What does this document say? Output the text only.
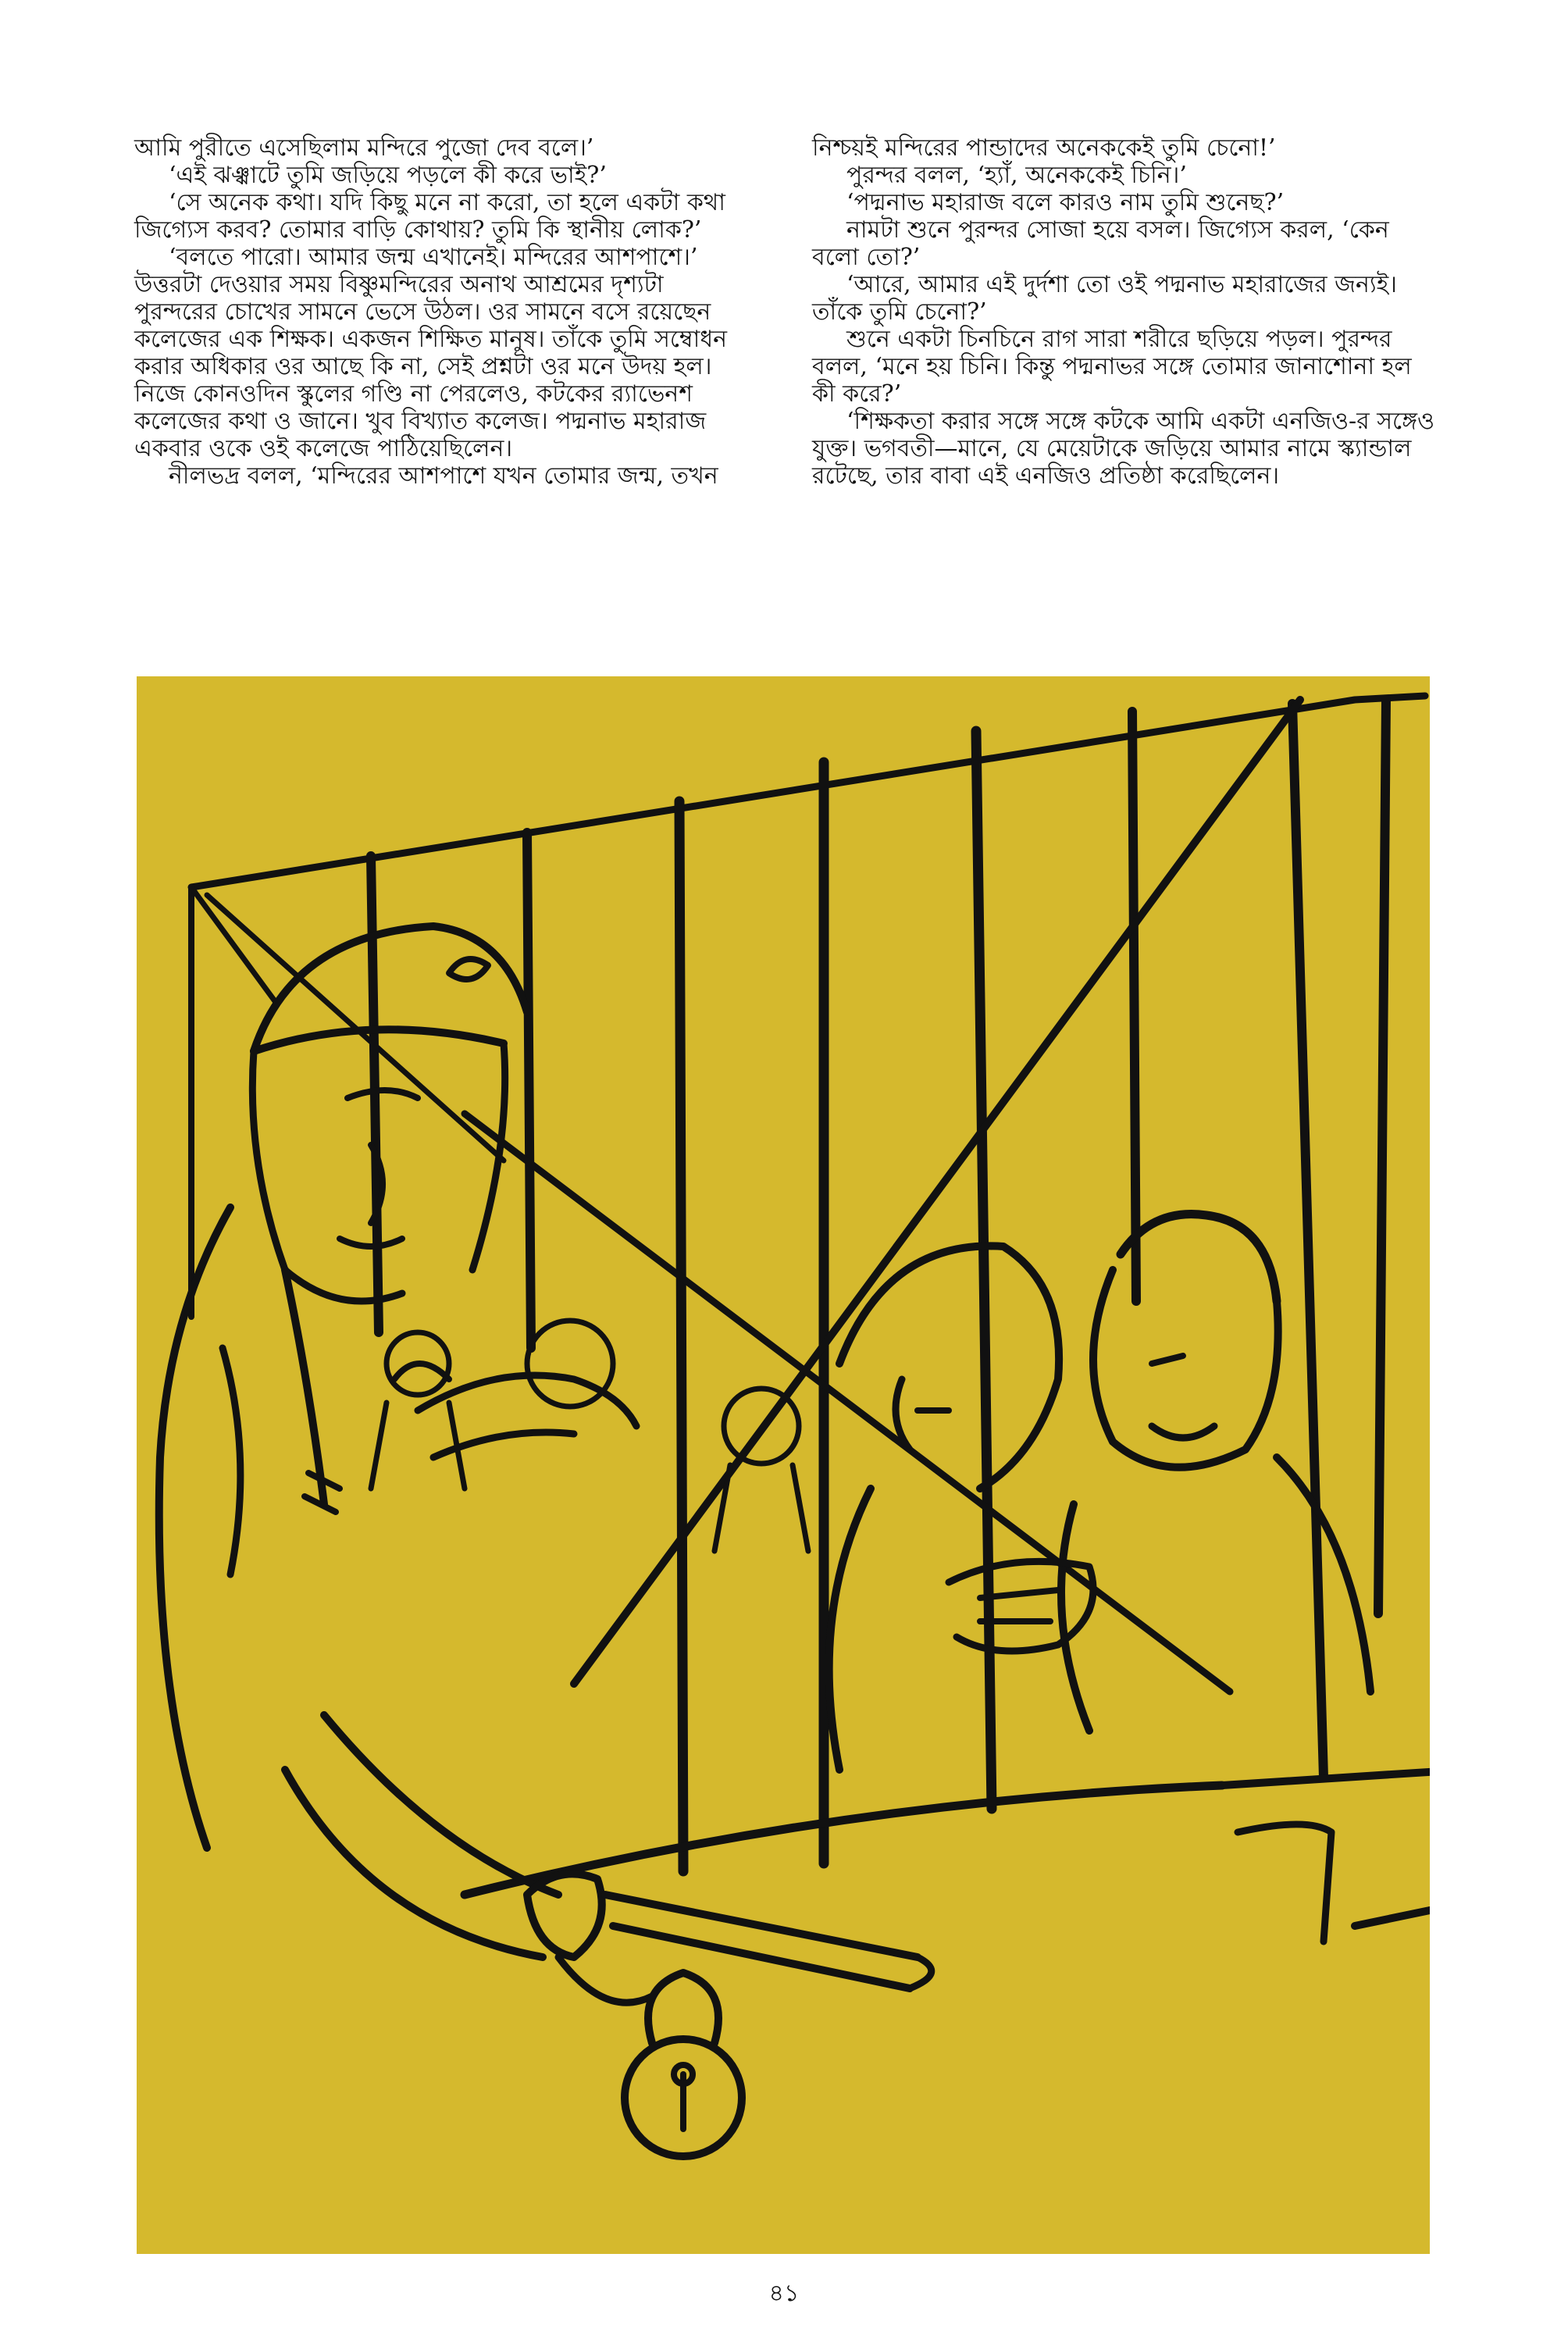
আমি পুরীতে এসেছিলাম মন্দিরে পুজো দেব বলে।’

‘এই ঝঞ্ঝাটে তুমি জড়িয়ে পড়লে কী করে ভাই?’

‘সে অনেক কথা। যদি কিছু মনে না করো, তা হলে একটা কথা জিগ্যেস করব? তোমার বাড়ি কোথায়? তুমি কি স্থানীয় লোক?’

‘বলতে পারো। আমার জন্ম এখানেই। মন্দিরের আশপাশে।’ উত্তরটা দেওয়ার সময় বিষ্ণুমন্দিরের অনাথ আশ্রমের দৃশ্যটা পুরন্দরের চোখের সামনে ভেসে উঠল। ওর সামনে বসে রয়েছেন কলেজের এক শিক্ষক। একজন শিক্ষিত মানুষ। তাঁকে তুমি সম্বোধন করার অধিকার ওর আছে কি না, সেই প্রশ্নটা ওর মনে উদয় হল। নিজে কোনওদিন স্কুলের গণ্ডি না পেরলেও, কটকের র‍্যাভেনশ কলেজের কথা ও জানে। খুব বিখ্যাত কলেজ। পদ্মনাভ মহারাজ একবার ওকে ওই কলেজে পাঠিয়েছিলেন।

নীলভদ্র বলল, ‘মন্দিরের আশপাশে যখন তোমার জন্ম, তখন

নিশ্চয়ই মন্দিরের পান্ডাদের অনেককেই তুমি চেনো!’

পুরন্দর বলল, ‘হ্যাঁ, অনেককেই চিনি।’

‘পদ্মনাভ মহারাজ বলে কারও নাম তুমি শুনেছ?’

নামটা শুনে পুরন্দর সোজা হয়ে বসল। জিগ্যেস করল, ‘কেন বলো তো?’

‘আরে, আমার এই দুর্দশা তো ওই পদ্মনাভ মহারাজের জন্যই। তাঁকে তুমি চেনো?’

শুনে একটা চিনচিনে রাগ সারা শরীরে ছড়িয়ে পড়ল। পুরন্দর বলল, ‘মনে হয় চিনি। কিন্তু পদ্মনাভর সঙ্গে তোমার জানাশোনা হল কী করে?’

‘শিক্ষকতা করার সঙ্গে সঙ্গে কটকে আমি একটা এনজিও-র সঙ্গেও যুক্ত। ভগবতী—মানে, যে মেয়েটাকে জড়িয়ে আমার নামে স্ক্যান্ডাল রটেছে, তার বাবা এই এনজিও প্রতিষ্ঠা করেছিলেন।

৪১
